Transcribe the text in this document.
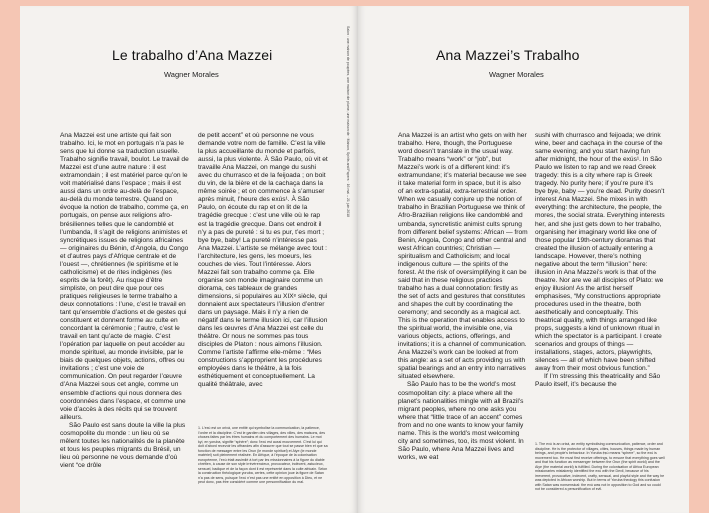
Le trabalho d’Ana Mazzei
Wagner Morales

Ana Mazzei est une artiste qui fait son trabalho. Ici, le mot en portugais n’a pas le sens que lui donne sa traduction usuelle. Trabalho signifie travail, boulot. Le travail de Mazzei est d’une autre nature : il est extramondain ; il est matériel parce qu’on le voit matérialisé dans l’espace ; mais il est aussi dans un ordre au-delà de l’espace, au-delà du monde terrestre. Quand on évoque la notion de trabalho, comme ça, en portugais, on pense aux religions afro-brésiliennes telles que le candomblé et l’umbanda, Il s’agit de religions animistes et syncrétiques issues de religions africaines — originaires du Bénin, d’Angola, du Congo et d’autres pays d’Afrique centrale et de l’ouest —, chrétiennes (le spiritisme et le catholicisme) et de rites indigènes (les esprits de la forêt). Au risque d’être simpliste, on peut dire que pour ces pratiques religieuses le terme trabalho a deux connotations : l’une, c’est le travail en tant qu’ensemble d’actions et de gestes qui constituent et donnent forme au culte en concordant la cérémonie ; l’autre, c’est le travail en tant qu’acte de magie. C’est l’opération par laquelle on peut accéder au monde spirituel, au monde invisible, par le biais de quelques objets, actions, offres ou invitations ; c’est une voie de communication. On peut regarder l’œuvre d’Ana Mazzei sous cet angle, comme un ensemble d’actions qui nous donnera des coordonnées dans l’espace, et comme une voie d’accès à des récits qui se trouvent ailleurs.

São Paulo est sans doute la ville la plus cosmopolite du monde : un lieu où se mêlent toutes les nationalités de la planète et tous les peuples migrants du Brésil, un lieu où personne ne vous demande d’où vient “ce drôle

de petit accent” et où personne ne vous demande votre nom de famille. C’est la ville la plus accueillante du monde et parfois, aussi, la plus violente. À São Paulo, où vit et travaille Ana Mazzei, on mange du sushi avec du churrasco et de la feijoada ; on boit du vin, de la bière et de la cachaça dans la même soirée ; et on commence à s’amuser après minuit, l’heure des exús¹. À São Paulo, on écoute du rap et on lit de la tragédie grecque : c’est une ville où le rap est la tragédie grecque. Dans cet endroit il n’y a pas de pureté : si tu es pur, t’es mort ; bye bye, baby! La pureté n’intéresse pas Ana Mazzei. L’artiste se mélange avec tout : l’architecture, les gens, les moeurs, les couches de vies. Tout l’intéresse. Alors Mazzei fait son trabalho comme ça. Elle organise son monde imaginaire comme un diorama, ces tableaux de grandes dimensions, si populaires au XIXᵉ siècle, qui donnaient aux spectateurs l’illusion d’entrer dans un paysage. Mais il n’y a rien de négatif dans le terme illusion ici, car l’illusion dans les œuvres d’Ana Mazzei est celle du théâtre. Or nous ne sommes pas tous disciples de Platon : nous aimons l’illusion. Comme l’artiste l’affirme elle-même : “Mes constructions s’approprient les procédures employées dans le théâtre, à la fois esthétiquement et conceptuellement. La qualité théâtrale, avec

1. L’exú est un orixá, une entité qui symbolise la communication, la patience, l’ordre et la discipline. C’est le gardien des villages, des villes, des maisons, des choses faites par les êtres humains et du comportement des humains. Le mot kyi, en yoruba, signifie “sphère”; donc l’exú est aussi mouvement. C’est lui qui doit d’abord recevoir les offrandes afin d’assurer que tout se passe bien et que sa fonction de messager entre les Orun (le monde spirituel) et Aiye (le monde matériel) soit pleinement réalisée. En Afrique, à l’époque de la colonisation européenne, l’exú était assimilé à tort par les missionnaires à la figure du diable chrétien, à cause de son style irrévérencieux, provocateur, indécent, astucieux, sensuel, badique et de la façon dont il est représenté dans la culte africain. Selon la construction théologique yoruba, certes, cette opinion joue la figure de Satan n’a pas de sens, puisque l’exú n’est pas une entité en opposition à Dieu, et ne peut donc, pas être considéré comme une personnification du mal.

Salon : une maison de poupées, une maison de plume, une maison de · Maison, Spirits and Papers · 16 mai – 21 juin 2018	Ana Mazzei’s Trabalho
Wagner Morales

Ana Mazzei is an artist who gets on with her trabalho. Here, though, the Portuguese word doesn’t translate in the usual way. Trabalho means “work” or “job”, but Mazzei’s work is of a different kind: it’s extramundane; it’s material because we see it take material form in space, but it is also of an extra-spatial, extra-terrestrial order. When we casually conjure up the notion of trabalho in Brazilian Portuguese we think of Afro-Brazilian religions like candomblé and umbanda, syncretistic animist cults sprung from different belief systems: African — from Benin, Angola, Congo and other central and west African countries; Christian — spiritualism and Catholicism; and local indigenous culture — the spirits of the forest. At the risk of oversimplifying it can be said that in these religious practices trabalho has a dual connotation: firstly as the set of acts and gestures that constitutes and shapes the cult by coordinating the ceremony; and secondly as a magical act. This is the operation that enables access to the spiritual world, the invisible one, via various objects, actions, offerings, and invitations; it is a channel of communication. Ana Mazzei’s work can be looked at from this angle: as a set of acts providing us with spatial bearings and an entry into narratives situated elsewhere.

São Paulo has to be the world’s most cosmopolitan city: a place where all the planet’s nationalities mingle with all Brazil’s migrant peoples, where no one asks you where that “little trace of an accent” comes from and no one wants to know your family name. This is the world’s most welcoming city and sometimes, too, its most violent. In São Paulo, where Ana Mazzei lives and works, we eat

sushi with churrasco and feijoada; we drink wine, beer and cachaça in the course of the same evening; and you start having fun after midnight, the hour of the exús¹. In São Paulo we listen to rap and we read Greek tragedy: this is a city where rap is Greek tragedy. No purity here; if you’re pure it’s bye bye, baby — you’re dead. Purity doesn’t interest Ana Mazzei. She mixes in with everything: the architecture, the people, the mores, the social strata. Everything interests her, and she just gets down to her trabalho, organising her imaginary world like one of those popular 19th-century dioramas that created the illusion of actually entering a landscape. However, there’s nothing negative about the term “illusion” here: illusion in Ana Mazzei’s work is that of the theatre. Nor are we all disciples of Plato: we enjoy illusion! As the artist herself emphasises, “My constructions appropriate procedures used in the theatre, both aesthetically and conceptually. This theatrical quality, with things arranged like props, suggests a kind of unknown ritual in which the spectator is a participant. I create scenarios and groups of things — installations, stages, actors, playwrights, silences — all of which have been shifted away from their most obvious function.”

If I’m stressing this theatricality and São Paulo itself, it’s because the

1. The exú is an orixá, an entity symbolising communication, patience, order and discipline. He is the protector of villages, cities, houses, things made by human beings, and people’s behaviour. In Yoruba ẹ̀ṣù means “sphere”, so the exú is movement too. He must first receive offerings, to ensure that everything goes well and that his function as messenger between the Orun (the spirit world) and the Aiye (the material world) is fulfilled. During the colonisation of Africa European missionaries mistakenly identified the exú with the Devil, because of his irreverent, provocative, indecent, crafty, sensual, and playful style and the way he was depicted in African worship. But in terms of Yoruba theology this confusion with Satan was nonsensical: the exú was not in opposition to God and so could not be considered a personification of evil.
